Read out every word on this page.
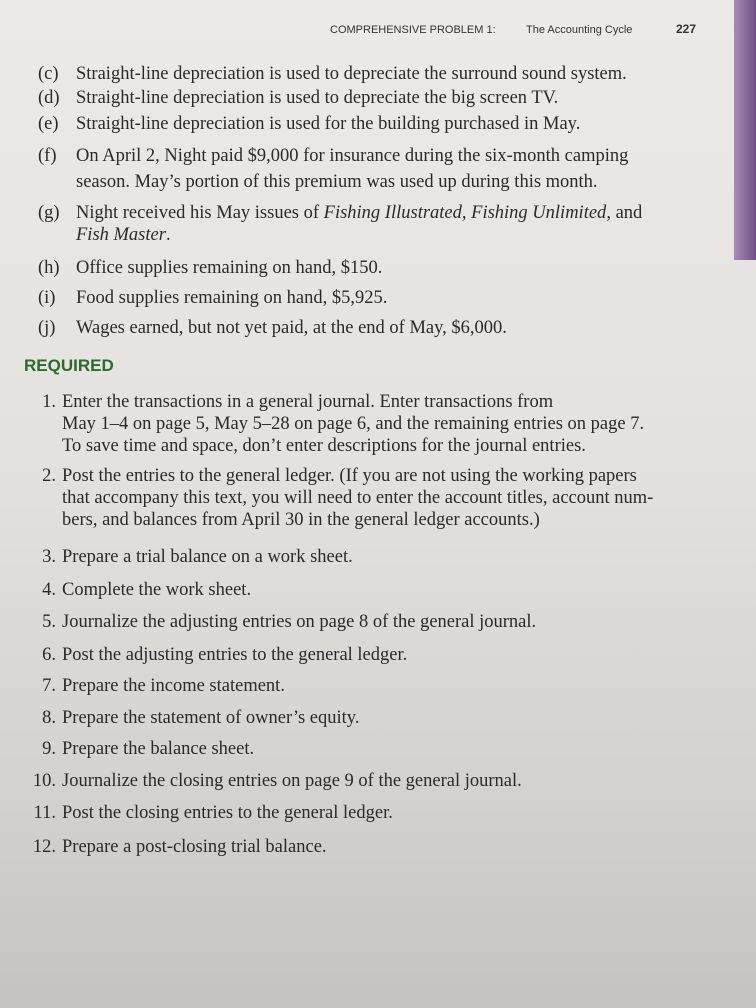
COMPREHENSIVE PROBLEM 1:	The Accounting Cycle	227
(c) Straight-line depreciation is used to depreciate the surround sound system.
(d) Straight-line depreciation is used to depreciate the big screen TV.
(e) Straight-line depreciation is used for the building purchased in May.
(f) On April 2, Night paid $9,000 for insurance during the six-month camping
season. May’s portion of this premium was used up during this month.
(g) Night received his May issues of Fishing Illustrated, Fishing Unlimited, and
Fish Master.
(h) Office supplies remaining on hand, $150.
(i) Food supplies remaining on hand, $5,925.
(j) Wages earned, but not yet paid, at the end of May, $6,000.
REQUIRED
1. Enter the transactions in a general journal. Enter transactions from
May 1–4 on page 5, May 5–28 on page 6, and the remaining entries on page 7.
To save time and space, don’t enter descriptions for the journal entries.
2. Post the entries to the general ledger. (If you are not using the working papers
that accompany this text, you will need to enter the account titles, account num-
bers, and balances from April 30 in the general ledger accounts.)
3. Prepare a trial balance on a work sheet.
4. Complete the work sheet.
5. Journalize the adjusting entries on page 8 of the general journal.
6. Post the adjusting entries to the general ledger.
7. Prepare the income statement.
8. Prepare the statement of owner’s equity.
9. Prepare the balance sheet.
10. Journalize the closing entries on page 9 of the general journal.
11. Post the closing entries to the general ledger.
12. Prepare a post-closing trial balance.
